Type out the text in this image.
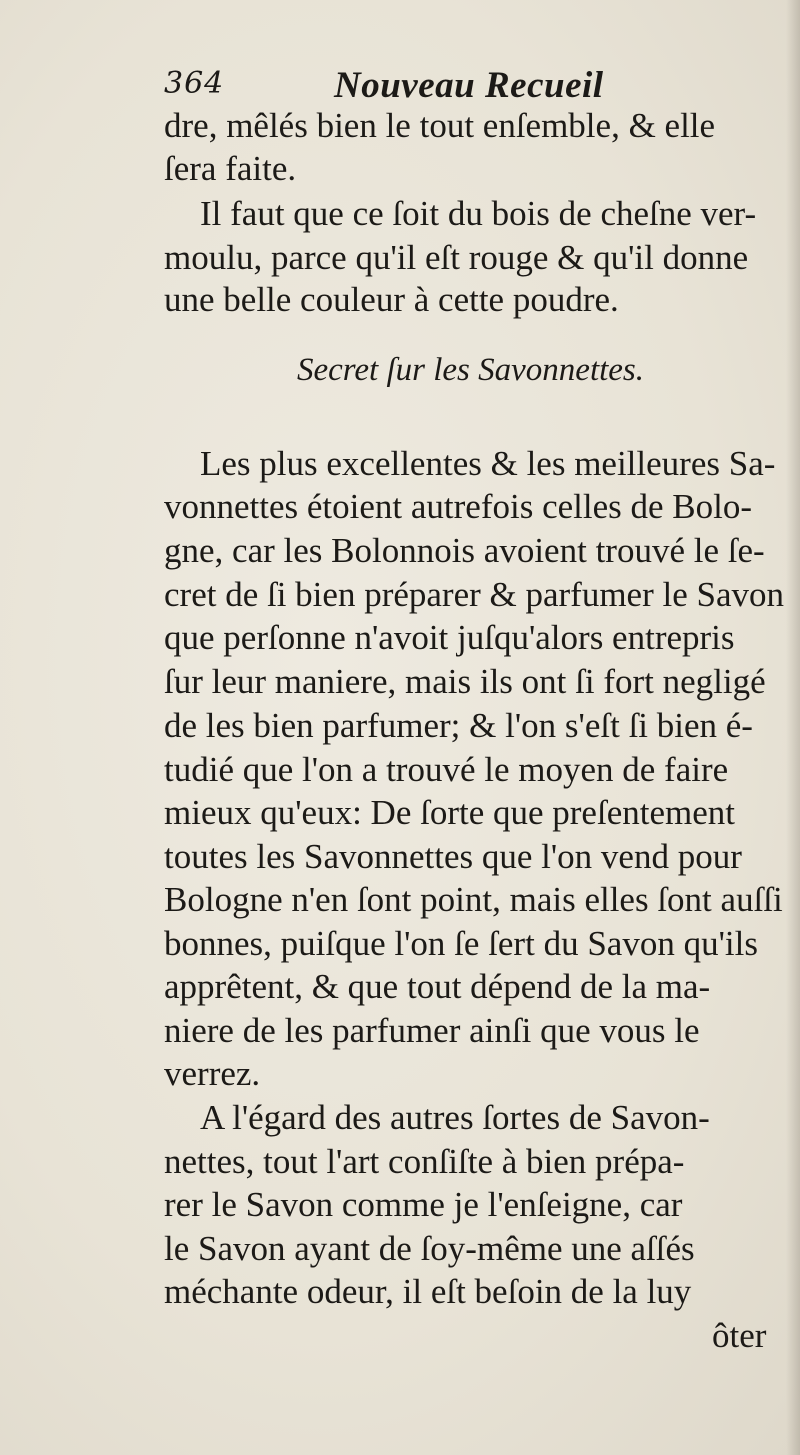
364	Nouveau Recueil
dre, mêlés bien le tout enſemble, & elle
ſera faite.
Il faut que ce ſoit du bois de cheſne ver-
moulu, parce qu'il eſt rouge & qu'il donne
une belle couleur à cette poudre.
Secret ſur les Savonnettes.
Les plus excellentes & les meilleures Sa-
vonnettes étoient autrefois celles de Bolo-
gne, car les Bolonnois avoient trouvé le ſe-
cret de ſi bien préparer & parfumer le Savon
que perſonne n'avoit juſqu'alors entrepris
ſur leur maniere, mais ils ont ſi fort negligé
de les bien parfumer; & l'on s'eſt ſi bien é-
tudié que l'on a trouvé le moyen de faire
mieux qu'eux: De ſorte que preſentement
toutes les Savonnettes que l'on vend pour
Bologne n'en ſont point, mais elles ſont auſſi
bonnes, puiſque l'on ſe ſert du Savon qu'ils
apprêtent, & que tout dépend de la ma-
niere de les parfumer ainſi que vous le
verrez.
A l'égard des autres ſortes de Savon-
nettes, tout l'art conſiſte à bien prépa-
rer le Savon comme je l'enſeigne, car
le Savon ayant de ſoy-même une aſſés
méchante odeur, il eſt beſoin de la luy
ôter
